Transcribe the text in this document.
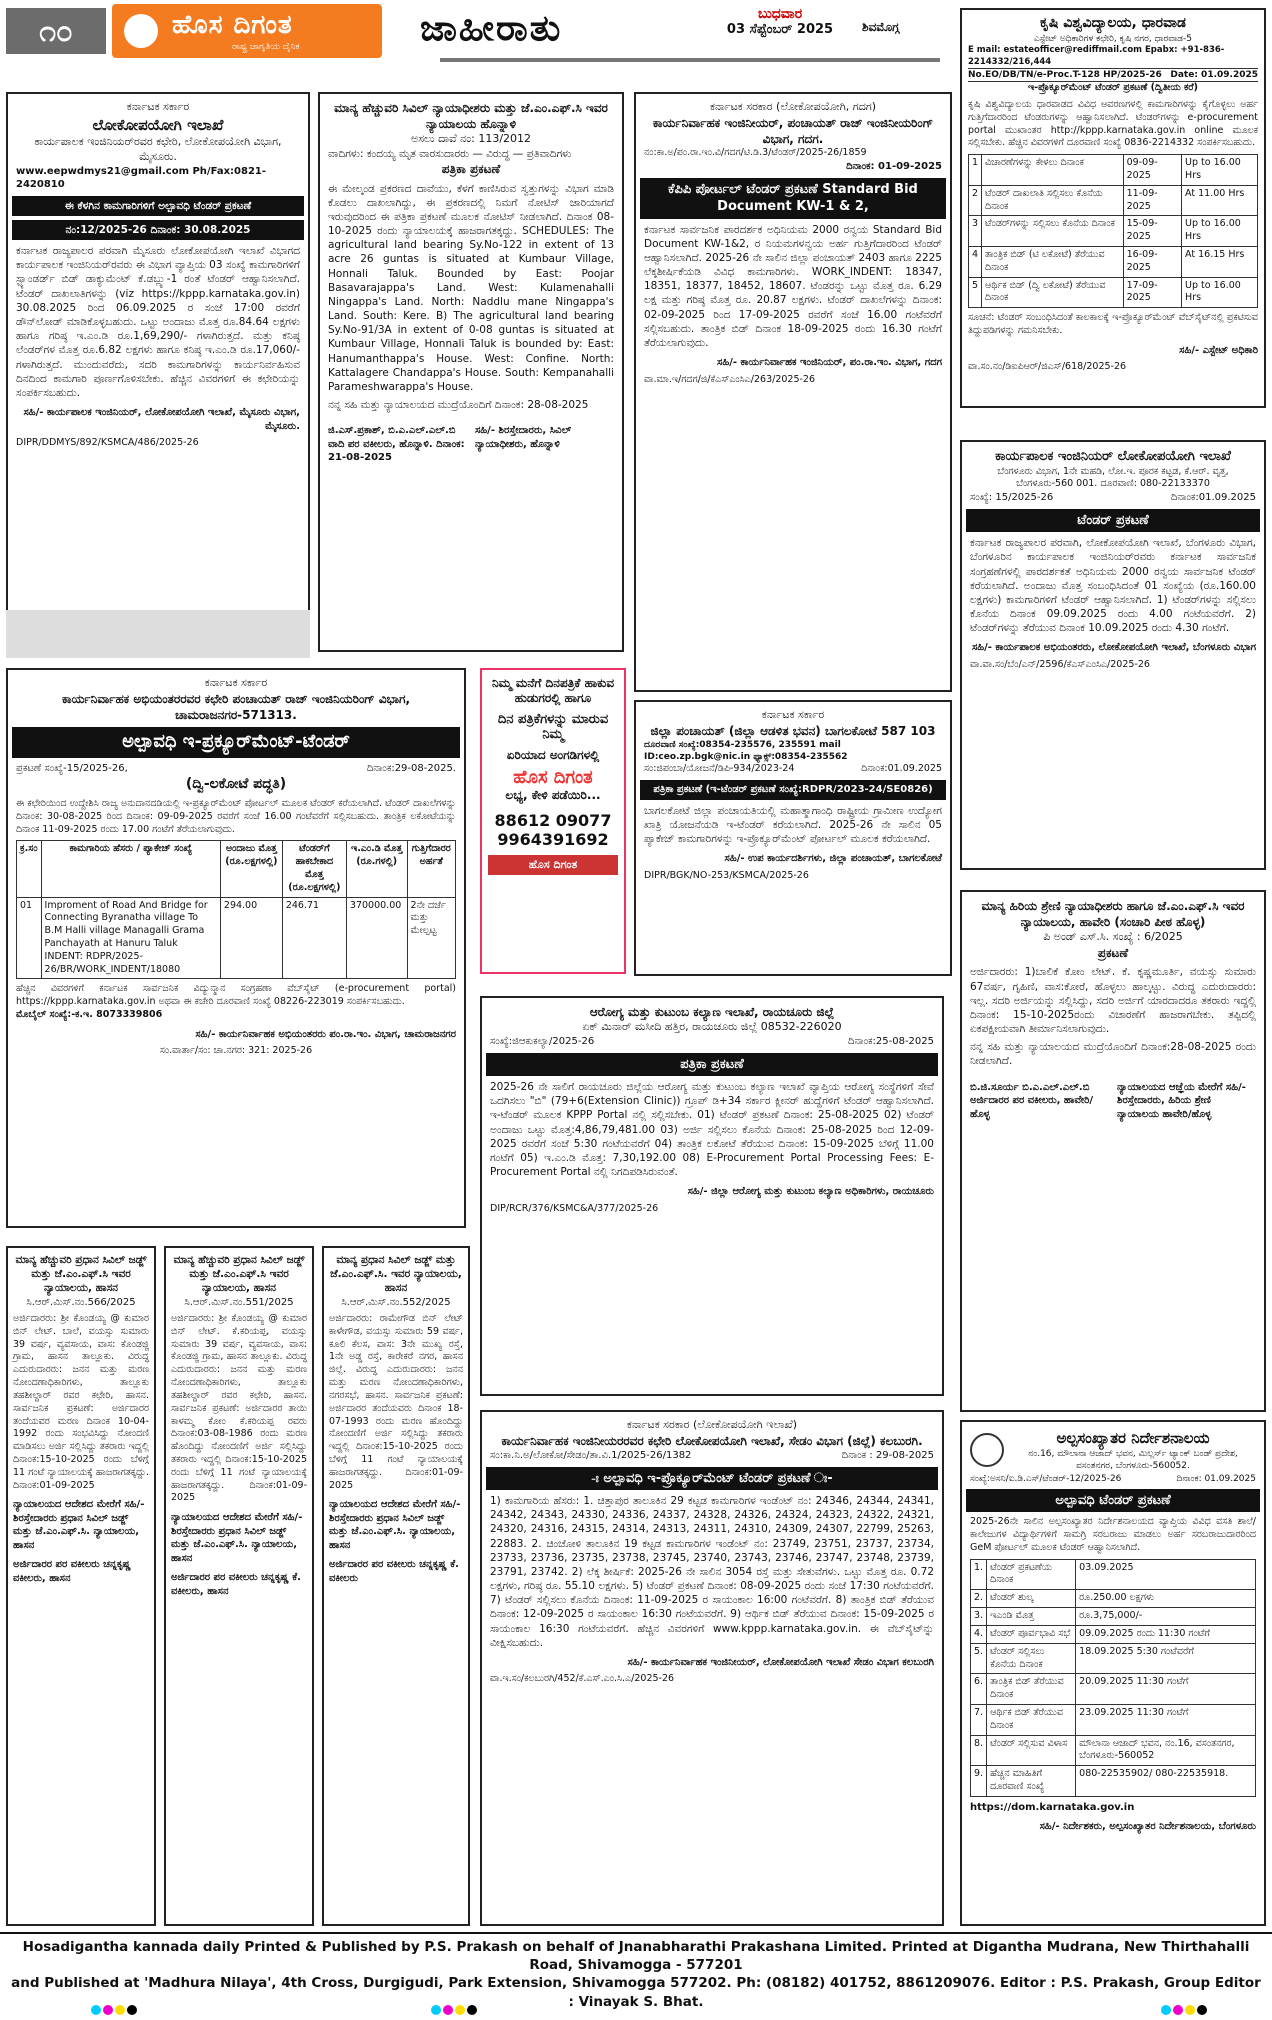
೧೦	ಹೊಸ ದಿಗಂತ
ರಾಷ್ಟ್ರ ಜಾಗೃತಿಯ ದೈನಿಕ	ಜಾಹೀರಾತು	ಬುಧವಾರ
03 ಸೆಪ್ಟೆಂಬರ್ 2025	ಶಿವಮೊಗ್ಗ	ಕೃಷಿ ವಿಶ್ವವಿದ್ಯಾಲಯ, ಧಾರವಾಡ
ಎಸ್ಟೇಟ್ ಅಧಿಕಾರಿಗಳ ಕಛೇರಿ, ಕೃಷಿ ನಗರ, ಧಾರವಾಡ-5
E mail: estateofficer@rediffmail.com Epabx: +91-836-2214332/216,444
No.EO/DB/TN/e-Proc.T-128 HP/2025-26 Date: 01.09.2025
ಇ-ಪ್ರೊಕ್ಯೂರ್‌ಮೆಂಟ್ ಟೆಂಡರ್ ಪ್ರಕಟಣೆ (ದ್ವಿತೀಯ ಕರೆ)
ಕೃಷಿ ವಿಶ್ವವಿದ್ಯಾಲಯ ಧಾರವಾಡದ ವಿವಿಧ ಆವರಣಗಳಲ್ಲಿ ಕಾಮಗಾರಿಗಳನ್ನು ಕೈಗೊಳ್ಳಲು ಅರ್ಹ ಗುತ್ತಿಗೆದಾರರಿಂದ ಟೆಂಡರುಗಳನ್ನು ಆಹ್ವಾನಿಸಲಾಗಿದೆ. ಟೆಂಡರ್‌ಗಳನ್ನು e-procurement portal ಮುಖಾಂತರ http://kppp.karnataka.gov.in online ಮೂಲಕ ಸಲ್ಲಿಸಬೇಕು. ಹೆಚ್ಚಿನ ವಿವರಗಳಿಗೆ ದೂರವಾಣಿ ಸಂಖ್ಯೆ 0836-2214332 ಸಂಪರ್ಕಿಸಬಹುದು.
1	ವಿಚಾರಣೆಗಳನ್ನು ಕೇಳಲು ದಿನಾಂಕ	09-09-2025	Up to 16.00 Hrs
2	ಟೆಂಡರ್ ದಾಖಲಾತಿ ಸಲ್ಲಿಸಲು ಕೊನೆಯ ದಿನಾಂಕ	11-09-2025	At 11.00 Hrs
3	ಟೆಂಡರ್‌ಗಳನ್ನು ಸಲ್ಲಿಸಲು ಕೊನೆಯ ದಿನಾಂಕ	15-09-2025	Up to 16.00 Hrs
4	ತಾಂತ್ರಿಕ ಬಿಡ್ (ಟಿ ಲಕೋಟೆ) ತೆರೆಯುವ ದಿನಾಂಕ	16-09-2025	At 16.15 Hrs
5	ಆರ್ಥಿಕ ಬಿಡ್ (ದ್ವಿ ಲಕೋಟೆ) ತೆರೆಯುವ ದಿನಾಂಕ	17-09-2025	Up to 16.00 Hrs
ಸೂಚನೆ: ಟೆಂಡರ್ ಸಂಬಂಧಿಸಿದಂತೆ ಕಾಲಕಾಲಕ್ಕೆ ಇ-ಪ್ರೊಕ್ಯೂರ್‌ಮೆಂಟ್ ವೆಬ್‌ಸೈಟ್‌ನಲ್ಲಿ ಪ್ರಕಟಿಸುವ ತಿದ್ದುಪಡಿಗಳನ್ನು ಗಮನಿಸಬೇಕು.
ಸಹಿ/- ಎಸ್ಟೇಟ್ ಅಧಿಕಾರಿ
ವಾ.ಸಂ.ನಂ/ಡಿಐಪಿಆರ್/ಜಿಎಸ್/618/2025-26
ಕರ್ನಾಟಕ ಸರ್ಕಾರ
ಲೋಕೋಪಯೋಗಿ ಇಲಾಖೆ
ಕಾರ್ಯಪಾಲಕ ಇಂಜಿನಿಯರ್‌ರವರ ಕಛೇರಿ, ಲೋಕೋಪಯೋಗಿ ವಿಭಾಗ, ಮೈಸೂರು.
www.eepwdmys21@gmail.com Ph/Fax:0821-2420810
ಈ ಕೆಳಗಿನ ಕಾಮಗಾರಿಗಳಿಗೆ ಅಲ್ಪಾವಧಿ ಟೆಂಡರ್ ಪ್ರಕಟಣೆ
ನಂ:12/2025-26 ದಿನಾಂಕ: 30.08.2025
ಕರ್ನಾಟಕ ರಾಜ್ಯಪಾಲರ ಪರವಾಗಿ ಮೈಸೂರು ಲೋಕೋಪಯೋಗಿ ಇಲಾಖೆ ವಿಭಾಗದ ಕಾರ್ಯಪಾಲಕ ಇಂಜಿನಿಯರ್‌ರವರು ಈ ವಿಭಾಗ ವ್ಯಾಪ್ತಿಯ 03 ಸಂಖ್ಯೆ ಕಾಮಗಾರಿಗಳಿಗೆ ಸ್ಟ್ಯಾಂಡರ್ಡ್ ಬಿಡ್ ಡಾಕ್ಯುಮೆಂಟ್ ಕೆ.ಡಬ್ಲ್ಯು-1 ರಂತೆ ಟೆಂಡರ್ ಆಹ್ವಾನಿಸಲಾಗಿದೆ. ಟೆಂಡರ್ ದಾಖಲಾತಿಗಳನ್ನು (viz https://kppp.karnataka.gov.in) 30.08.2025 ರಿಂದ 06.09.2025 ರ ಸಂಜೆ 17:00 ರವರೆಗೆ ಡೌನ್‌ಲೋಡ್ ಮಾಡಿಕೊಳ್ಳಬಹುದು. ಒಟ್ಟು ಅಂದಾಜು ಮೊತ್ತ ರೂ.84.64 ಲಕ್ಷಗಳು ಹಾಗೂ ಗರಿಷ್ಠ ಇ.ಎಂ.ಡಿ ರೂ.1,69,290/- ಗಳಾಗಿರುತ್ತದೆ. ಮತ್ತು ಕನಿಷ್ಠ ಲೆಂಡರ್‌ಗಳ ಮೊತ್ತ ರೂ.6.82 ಲಕ್ಷಗಳು ಹಾಗೂ ಕನಿಷ್ಠ ಇ.ಎಂ.ಡಿ ರೂ.17,060/- ಗಳಾಗಿರುತ್ತದೆ. ಮುಂದುವರೆದು, ಸದರಿ ಕಾಮಗಾರಿಗಳನ್ನು ಕಾರ್ಯನಿರ್ವಹಿಸುವ ದಿನದಿಂದ ಕಾಮಗಾರಿ ಪೂರ್ಣಗೊಳಿಸಬೇಕು. ಹೆಚ್ಚಿನ ವಿವರಗಳಿಗೆ ಈ ಕಛೇರಿಯನ್ನು ಸಂಪರ್ಕಿಸಬಹುದು.
ಸಹಿ/- ಕಾರ್ಯಪಾಲಕ ಇಂಜಿನಿಯರ್, ಲೋಕೋಪಯೋಗಿ ಇಲಾಖೆ, ಮೈಸೂರು ವಿಭಾಗ, ಮೈಸೂರು.
DIPR/DDMYS/892/KSMCA/486/2025-26
ಮಾನ್ಯ ಹೆಚ್ಚುವರಿ ಸಿವಿಲ್ ನ್ಯಾಯಾಧೀಶರು ಮತ್ತು ಜೆ.ಎಂ.ಎಫ್.ಸಿ ಇವರ ನ್ಯಾಯಾಲಯ ಹೊನ್ನಾಳಿ
ಅಸಲು ದಾವೆ ನಂ: 113/2012
ವಾದಿಗಳು: ಕಂದಯ್ಯ ಮೃತ ವಾರಸುದಾರರು — ವಿರುದ್ಧ — ಪ್ರತಿವಾದಿಗಳು
ಪತ್ರಿಕಾ ಪ್ರಕಟಣೆ
ಈ ಮೇಲ್ಕಂಡ ಪ್ರಕರಣದ ದಾವೆಯು, ಕೆಳಗೆ ಕಾಣಿಸಿರುವ ಸ್ವತ್ತುಗಳನ್ನು ವಿಭಾಗ ಮಾಡಿ ಕೊಡಲು ದಾಖಲಾಗಿದ್ದು, ಈ ಪ್ರಕರಣದಲ್ಲಿ ನಿಮಗೆ ನೋಟಿಸ್ ಜಾರಿಯಾಗದೆ ಇರುವುದರಿಂದ ಈ ಪತ್ರಿಕಾ ಪ್ರಕಟಣೆ ಮೂಲಕ ನೋಟಿಸ್ ನೀಡಲಾಗಿದೆ. ದಿನಾಂಕ 08-10-2025 ರಂದು ನ್ಯಾಯಾಲಯಕ್ಕೆ ಹಾಜರಾಗತಕ್ಕದ್ದು. SCHEDULES: The agricultural land bearing Sy.No-122 in extent of 13 acre 26 guntas is situated at Kumbaur Village, Honnali Taluk. Bounded by East: Poojar Basavarajappa's Land. West: Kulamenahalli Ningappa's Land. North: Naddlu mane Ningappa's Land. South: Kere. B) The agricultural land bearing Sy.No-91/3A in extent of 0-08 guntas is situated at Kumbaur Village, Honnali Taluk is bounded by: East: Hanumanthappa's House. West: Confine. North: Kattalagere Chandappa's House. South: Kempanahalli Parameshwarappa's House.
ನನ್ನ ಸಹಿ ಮತ್ತು ನ್ಯಾಯಾಲಯದ ಮುದ್ರೆಯೊಂದಿಗೆ ದಿನಾಂಕ: 28-08-2025
ಜಿ.ಎಸ್.ಪ್ರಕಾಶ್, ಬಿ.ಎ.ಎಲ್.ಎಲ್.ಬಿ ವಾದಿ ಪರ ವಕೀಲರು, ಹೊನ್ನಾಳಿ. ದಿನಾಂಕ: 21-08-2025
ಸಹಿ/- ಶಿರಸ್ತೇದಾರರು, ಸಿವಿಲ್ ನ್ಯಾಯಾಧೀಶರು, ಹೊನ್ನಾಳಿ
ಕರ್ನಾಟಕ ಸರಕಾರ (ಲೋಕೋಪಯೋಗಿ, ಗದಗ)
ಕಾರ್ಯನಿರ್ವಾಹಕ ಇಂಜಿನೀಯರ್, ಪಂಚಾಯತ್ ರಾಜ್ ಇಂಜಿನೀಯರಿಂಗ್ ವಿಭಾಗ, ಗದಗ.
ನಂ:ಕಾ.ಅ/ಪಂ.ರಾ.ಇಂ.ವಿ/ಗದಗ/ಟಿ.ಡಿ.3/ಟೆಂಡರ್/2025-26/1859
ದಿನಾಂಕ: 01-09-2025
ಕೆಪಿಪಿ ಪೋರ್ಟಲ್ ಟೆಂಡರ್ ಪ್ರಕಟಣೆ Standard Bid Document KW-1 & 2,
ಕರ್ನಾಟಕ ಸಾರ್ವಜನಿಕ ಪಾರದರ್ಶಕ ಅಧಿನಿಯಮ 2000 ರನ್ವಯ Standard Bid Document KW-1&2, ರ ನಿಯಮಗಳನ್ವಯ ಅರ್ಹ ಗುತ್ತಿಗೆದಾರರಿಂದ ಟೆಂಡರ್ ಆಹ್ವಾನಿಸಲಾಗಿದೆ. 2025-26 ನೇ ಸಾಲಿನ ಜಿಲ್ಲಾ ಪಂಚಾಯತ್ 2403 ಹಾಗೂ 2225 ಲೆಕ್ಕಶೀರ್ಷಿಕೆಯಡಿ ವಿವಿಧ ಕಾಮಗಾರಿಗಳು. WORK_INDENT: 18347, 18351, 18377, 18452, 18607. ಟೆಂಡರನ್ನು ಒಟ್ಟು ಮೊತ್ತ ರೂ. 6.29 ಲಕ್ಷ ಮತ್ತು ಗರಿಷ್ಠ ಮೊತ್ತ ರೂ. 20.87 ಲಕ್ಷಗಳು. ಟೆಂಡರ್ ದಾಖಲೆಗಳನ್ನು ದಿನಾಂಕ: 02-09-2025 ರಿಂದ 17-09-2025 ರವರೆಗೆ ಸಂಜೆ 16.00 ಗಂಟೆವರೆಗೆ ಸಲ್ಲಿಸಬಹುದು. ತಾಂತ್ರಿಕ ಬಿಡ್ ದಿನಾಂಕ 18-09-2025 ರಂದು 16.30 ಗಂಟೆಗೆ ತೆರೆಯಲಾಗುವುದು.
ಸಹಿ/- ಕಾರ್ಯನಿರ್ವಾಹಕ ಇಂಜಿನಿಯರ್, ಪಂ.ರಾ.ಇಂ. ವಿಭಾಗ, ಗದಗ
ವಾ.ಮಾ.ಇ/ಗದಗ/ಜಿ/ಕೆಎಸ್‌ಎಂಸಿಎ/263/2025-26
ಕಾರ್ಯಪಾಲಕ ಇಂಜಿನಿಯರ್ ಲೋಕೋಪಯೋಗಿ ಇಲಾಖೆ
ಬೆಂಗಳೂರು ವಿಭಾಗ, 1ನೇ ಮಹಡಿ, ಲೋ.ಇ. ಪೂರಕ ಕಟ್ಟಡ, ಕೆ.ಆರ್. ವೃತ್ತ, ಬೆಂಗಳೂರು-560 001. ದೂರವಾಣಿ: 080-22133370
ಸಂಖ್ಯೆ: 15/2025-26	ದಿನಾಂಕ:01.09.2025
ಟೆಂಡರ್ ಪ್ರಕಟಣೆ
ಕರ್ನಾಟಕ ರಾಜ್ಯಪಾಲರ ಪರವಾಗಿ, ಲೋಕೋಪಯೋಗಿ ಇಲಾಖೆ, ಬೆಂಗಳೂರು ವಿಭಾಗ, ಬೆಂಗಳೂರಿನ ಕಾರ್ಯಪಾಲಕ ಇಂಜಿನಿಯರ್‌ರವರು ಕರ್ನಾಟಕ ಸಾರ್ವಜನಿಕ ಸಂಗ್ರಹಣೆಗಳಲ್ಲಿ ಪಾರದರ್ಶಕತೆ ಅಧಿನಿಯಮ 2000 ರನ್ವಯ ಸಾರ್ವಜನಿಕ ಟೆಂಡರ್ ಕರೆಯಲಾಗಿದೆ. ಅಂದಾಜು ಮೊತ್ತ ಸಂಬಂಧಿಸಿದಂತೆ 01 ಸಂಖ್ಯೆಯ (ರೂ.160.00 ಲಕ್ಷಗಳು) ಕಾಮಗಾರಿಗಳಿಗೆ ಟೆಂಡರ್ ಆಹ್ವಾನಿಸಲಾಗಿದೆ. 1) ಟೆಂಡರ್‌ಗಳನ್ನು ಸಲ್ಲಿಸಲು ಕೊನೆಯ ದಿನಾಂಕ 09.09.2025 ರಂದು 4.00 ಗಂಟೆಯವರೆಗೆ. 2) ಟೆಂಡರ್‌ಗಳನ್ನು ತೆರೆಯುವ ದಿನಾಂಕ 10.09.2025 ರಂದು 4.30 ಗಂಟೆಗೆ.
ಸಹಿ/- ಕಾರ್ಯಪಾಲಕ ಅಭಿಯಂತರರು, ಲೋಕೋಪಯೋಗಿ ಇಲಾಖೆ, ಬೆಂಗಳೂರು ವಿಭಾಗ
ವಾ.ವಾ.ಸಂ/ಬೆಂ/ಎನ್/2596/ಕೆಎಸ್‌ಎಂಸಿಎ/2025-26
ಕರ್ನಾಟಕ ಸರ್ಕಾರ
ಕಾರ್ಯನಿರ್ವಾಹಕ ಅಭಿಯಂತರರವರ ಕಛೇರಿ ಪಂಚಾಯತ್ ರಾಜ್ ಇಂಜಿನಿಯರಿಂಗ್ ವಿಭಾಗ, ಚಾಮರಾಜನಗರ-571313.
ಅಲ್ಪಾವಧಿ ಇ-ಪ್ರಕ್ಯೂರ್‌ಮೆಂಟ್-ಟೆಂಡರ್
ಪ್ರಕಟಣೆ ಸಂಖ್ಯೆ-15/2025-26,	ದಿನಾಂಕ:29-08-2025.
(ದ್ವಿ-ಲಕೋಟೆ ಪದ್ಧತಿ)
ಈ ಕಛೇರಿಯಿಂದ ಉದ್ದೇಶಿಸಿ ರಾಜ್ಯ ಅನುದಾನದಡಿಯಲ್ಲಿ ಇ-ಪ್ರಕ್ಯೂರ್‌ಮೆಂಟ್ ಪೋರ್ಟಲ್ ಮೂಲಕ ಟೆಂಡರ್ ಕರೆಯಲಾಗಿದೆ. ಟೆಂಡರ್ ದಾಖಲೆಗಳನ್ನು ದಿನಾಂಕ: 30-08-2025 ರಿಂದ ದಿನಾಂಕ: 09-09-2025 ರವರೆಗೆ ಸಂಜೆ 16.00 ಗಂಟೆವರೆಗೆ ಸಲ್ಲಿಸಬಹುದು. ತಾಂತ್ರಿಕ ಲಕೋಟೆಯನ್ನು ದಿನಾಂಕ 11-09-2025 ರಂದು 17.00 ಗಂಟೆಗೆ ತೆರೆಯಲಾಗುವುದು.
ಕ್ರ.ಸಂ	ಕಾಮಗಾರಿಯ ಹೆಸರು / ಪ್ಯಾಕೇಜ್ ಸಂಖ್ಯೆ	ಅಂದಾಜು ಮೊತ್ತ (ರೂ.ಲಕ್ಷಗಳಲ್ಲಿ)	ಟೆಂಡರ್‌ಗೆ ಹಾಕಬೇಕಾದ ಮೊತ್ತ (ರೂ.ಲಕ್ಷಗಳಲ್ಲಿ)	ಇ.ಎಂ.ಡಿ ಮೊತ್ತ (ರೂ.ಗಳಲ್ಲಿ)	ಗುತ್ತಿಗೆದಾರರ ಅರ್ಹತೆ
01	Improment of Road And Bridge for Connecting Byranatha village To B.M Halli village Managalli Grama Panchayath at Hanuru Taluk INDENT: RDPR/2025-26/BR/WORK_INDENT/18080	294.00	246.71	370000.00	2ನೇ ದರ್ಜೆ ಮತ್ತು ಮೇಲ್ಪಟ್ಟ
ಹೆಚ್ಚಿನ ವಿವರಗಳಿಗೆ ಕರ್ನಾಟಕ ಸಾರ್ವಜನಿಕ ವಿದ್ಯುನ್ಮಾನ ಸಂಗ್ರಹಣಾ ವೆಬ್‌ಸೈಟ್ (e-procurement portal) https://kppp.karnataka.gov.in ಅಥವಾ ಈ ಕಚೇರಿ ದೂರವಾಣಿ ಸಂಖ್ಯೆ 08226-223019 ಸಂಪರ್ಕಿಸಬಹುದು.
ಮೊಬೈಲ್ ಸಂಖ್ಯೆ:-ಕ.ಇ. 8073339806
ಸಹಿ/- ಕಾರ್ಯನಿರ್ವಾಹಕ ಅಭಿಯಂತರರು ಪಂ.ರಾ.ಇಂ. ವಿಭಾಗ, ಚಾಮರಾಜನಗರ
ಸಂ.ವಾರ್ತಾ/ಸಂ: ಚಾ.ನಗರ: 321: 2025-26
ನಿಮ್ಮ ಮನೆಗೆ ದಿನಪತ್ರಿಕೆ ಹಾಕುವ ಹುಡುಗರಲ್ಲಿ ಹಾಗೂ
ದಿನ ಪತ್ರಿಕೆಗಳನ್ನು ಮಾರುವ ನಿಮ್ಮ
ಏರಿಯಾದ ಅಂಗಡಿಗಳಲ್ಲಿ
ಹೊಸ ದಿಗಂತ
ಲಭ್ಯ, ಕೇಳಿ ಪಡೆಯಿರಿ...
88612 09077
9964391692
ಹೊಸ ದಿಗಂತ
ಕರ್ನಾಟಕ ಸರ್ಕಾರ
ಜಿಲ್ಲಾ ಪಂಚಾಯತ್ (ಜಿಲ್ಲಾ ಆಡಳಿತ ಭವನ) ಬಾಗಲಕೋಟೆ 587 103
ದೂರವಾಣಿ ಸಂಖ್ಯೆ:08354-235576, 235591 mail ID:ceo.zp.bgk@nic.in ಫ್ಯಾಕ್ಸ್:08354-235562
ಸಂ:ಜಿಪಂಬಾ/ಯೋಜನೆ/ಡಿಪಿ-934/2023-24	ದಿನಾಂಕ:01.09.2025
ಪತ್ರಿಕಾ ಪ್ರಕಟಣೆ (ಇ-ಟೆಂಡರ್ ಪ್ರಕಟಣೆ ಸಂಖ್ಯೆ:RDPR/2023-24/SE0826)
ಬಾಗಲಕೋಟೆ ಜಿಲ್ಲಾ ಪಂಚಾಯತಿಯಲ್ಲಿ ಮಹಾತ್ಮಾಗಾಂಧಿ ರಾಷ್ಟ್ರೀಯ ಗ್ರಾಮೀಣ ಉದ್ಯೋಗ ಖಾತ್ರಿ ಯೋಜನೆಯಡಿ ಇ-ಟೆಂಡರ್ ಕರೆಯಲಾಗಿದೆ. 2025-26 ನೇ ಸಾಲಿನ 05 ಪ್ಯಾಕೇಜ್ ಕಾಮಗಾರಿಗಳನ್ನು ಇ-ಪ್ರೊಕ್ಯೂರ್‌ಮೆಂಟ್ ಪೋರ್ಟಲ್ ಮೂಲಕ ಕರೆಯಲಾಗಿದೆ.
ಸಹಿ/- ಉಪ ಕಾರ್ಯದರ್ಶಿಗಳು, ಜಿಲ್ಲಾ ಪಂಚಾಯತ್, ಬಾಗಲಕೋಟೆ
DIPR/BGK/NO-253/KSMCA/2025-26
ಮಾನ್ಯ ಹಿರಿಯ ಶ್ರೇಣಿ ನ್ಯಾಯಾಧೀಶರು ಹಾಗೂ ಜೆ.ಎಂ.ಎಫ್.ಸಿ ಇವರ ನ್ಯಾಯಾಲಯ, ಹಾವೇರಿ (ಸಂಚಾರಿ ಪೀಠ ಹೊಳ್ಳ)
ಪಿ ಅಂಡ್ ಎಸ್.ಸಿ. ಸಂಖ್ಯೆ : 6/2025
ಪ್ರಕಟಣೆ
ಅರ್ಜಿದಾರರು: 1)ಬಾಲಿಕೆ ಕೋಂ ಲೇಟ್. ಕೆ. ಕೃಷ್ಣಮೂರ್ತಿ, ವಯಸ್ಸು ಸುಮಾರು 67ವರ್ಷ, ಗೃಹಿಣಿ, ವಾಸ:ಕೋರೆ, ಹೊಳ್ಳಲು ಹಾಲ್ಕಟ್ಟು. ವಿರುದ್ಧ ಎದುರುದಾರರು: ಇಲ್ಲ. ಸದರಿ ಅರ್ಜಿಯನ್ನು ಸಲ್ಲಿಸಿದ್ದು, ಸದರಿ ಅರ್ಜಿಗೆ ಯಾರದಾದರೂ ತಕರಾರು ಇದ್ದಲ್ಲಿ ದಿನಾಂಕ: 15-10-2025ರಂದು ವಿಚಾರಣೆಗೆ ಹಾಜರಾಗಬೇಕು. ತಪ್ಪಿದಲ್ಲಿ ಏಕಪಕ್ಷೀಯವಾಗಿ ತೀರ್ಮಾನಿಸಲಾಗುವುದು.
ನನ್ನ ಸಹಿ ಮತ್ತು ನ್ಯಾಯಾಲಯದ ಮುದ್ರೆಯೊಂದಿಗೆ ದಿನಾಂಕ:28-08-2025 ರಂದು ನೀಡಲಾಗಿದೆ.
ಬಿ.ಜಿ.ಸೂರ್ಯ ಬಿ.ಎ.ಎಲ್.ಎಲ್.ಬಿ ಅರ್ಜಿದಾರರ ಪರ ವಕೀಲರು, ಹಾವೇರಿ/ಹೊಳ್ಳ
ನ್ಯಾಯಾಲಯದ ಆಜ್ಞೆಯ ಮೇರೆಗೆ ಸಹಿ/- ಶಿರಸ್ತೇದಾರರು, ಹಿರಿಯ ಶ್ರೇಣಿ ನ್ಯಾಯಾಲಯ ಹಾವೇರಿ/ಹೊಳ್ಳ
ಆರೋಗ್ಯ ಮತ್ತು ಕುಟುಂಬ ಕಲ್ಯಾಣ ಇಲಾಖೆ, ರಾಯಚೂರು ಜಿಲ್ಲೆ
ಏಕ್ ಮಿನಾರ್ ಮಸೀದಿ ಹತ್ತಿರ, ರಾಯಚೂರು ಜಿಲ್ಲೆ 08532-226020
ಸಂಖ್ಯೆ:ಜಿಆಕುಕಲ್ಯಾ/2025-26	ದಿನಾಂಕ:25-08-2025
ಪತ್ರಿಕಾ ಪ್ರಕಟಣೆ
2025-26 ನೇ ಸಾಲಿಗೆ ರಾಯಚೂರು ಜಿಲ್ಲೆಯ ಆರೋಗ್ಯ ಮತ್ತು ಕುಟುಂಬ ಕಲ್ಯಾಣ ಇಲಾಖೆ ವ್ಯಾಪ್ತಿಯ ಆರೋಗ್ಯ ಸಂಸ್ಥೆಗಳಿಗೆ ಸೇವೆ ಒದಗಿಸಲು "ಬಿ" (79+6(Extension Clinic)) ಗ್ರೂಪ್ ಡಿ+34 ಸರ್ಕಾರ ಕ್ಲೀನರ್ ಹುದ್ದೆಗಳಿಗೆ ಟೆಂಡರ್ ಆಹ್ವಾನಿಸಲಾಗಿದೆ. ಇ-ಟೆಂಡರ್ ಮೂಲಕ KPPP Portal ನಲ್ಲಿ ಸಲ್ಲಿಸಬೇಕು. 01) ಟೆಂಡರ್ ಪ್ರಕಟಣೆ ದಿನಾಂಕ: 25-08-2025 02) ಟೆಂಡರ್ ಅಂದಾಜು ಒಟ್ಟು ಮೊತ್ತ:4,86,79,481.00 03) ಅರ್ಜಿ ಸಲ್ಲಿಸಲು ಕೊನೆಯ ದಿನಾಂಕ: 25-08-2025 ರಿಂದ 12-09-2025 ರವರೆಗೆ ಸಂಜೆ 5:30 ಗಂಟೆಯವರೆಗೆ 04) ತಾಂತ್ರಿಕ ಲಕೋಟೆ ತೆರೆಯುವ ದಿನಾಂಕ: 15-09-2025 ಬೆಳಿಗ್ಗೆ 11.00 ಗಂಟೆಗೆ 05) ಇ.ಎಂ.ಡಿ ಮೊತ್ತ: 7,30,192.00 08) E-Procurement Portal Processing Fees: E-Procurement Portal ನಲ್ಲಿ ನಿಗದಿಪಡಿಸಿರುವಂತೆ.
ಸಹಿ/- ಜಿಲ್ಲಾ ಆರೋಗ್ಯ ಮತ್ತು ಕುಟುಂಬ ಕಲ್ಯಾಣ ಅಧಿಕಾರಿಗಳು, ರಾಯಚೂರು
DIP/RCR/376/KSMC&A/377/2025-26
ಮಾನ್ಯ ಹೆಚ್ಚುವರಿ ಪ್ರಧಾನ ಸಿವಿಲ್ ಜಡ್ಜ್ ಮತ್ತು ಜೆ.ಎಂ.ಎಫ್.ಸಿ ಇವರ ನ್ಯಾಯಾಲಯ, ಹಾಸನ
ಸಿ.ಆರ್.ಮಿಸ್.ನಂ.566/2025
ಅರ್ಜಿದಾರರು: ಶ್ರೀ ಕೊಂಡಯ್ಯ @ ಕುಮಾರ ಬಿನ್ ಲೇಟ್. ಬಾಲೆ, ವಯಸ್ಸು ಸುಮಾರು 39 ವರ್ಷ, ವ್ಯವಸಾಯ, ವಾಸ: ಕೊಂಡಜ್ಜಿ ಗ್ರಾಮ, ಹಾಸನ ತಾಲ್ಲೂಕು. ವಿರುದ್ಧ ಎದುರುದಾರರು: ಜನನ ಮತ್ತು ಮರಣ ನೋಂದಣಾಧಿಕಾರಿಗಳು, ತಾಲ್ಲೂಕು ತಹಶೀಲ್ದಾರ್ ರವರ ಕಛೇರಿ, ಹಾಸನ. ಸಾರ್ವಜನಿಕ ಪ್ರಕಟಣೆ: ಅರ್ಜಿದಾರರ ತಂದೆಯವರ ಮರಣ ದಿನಾಂಕ 10-04-1992 ರಂದು ಸಂಭವಿಸಿದ್ದು ನೋಂದಣಿ ಮಾಡಿಸಲು ಅರ್ಜಿ ಸಲ್ಲಿಸಿದ್ದು ತಕರಾರು ಇದ್ದಲ್ಲಿ ದಿನಾಂಕ:15-10-2025 ರಂದು ಬೆಳಿಗ್ಗೆ 11 ಗಂಟೆ ನ್ಯಾಯಾಲಯಕ್ಕೆ ಹಾಜರಾಗತಕ್ಕದ್ದು. ದಿನಾಂಕ:01-09-2025
ನ್ಯಾಯಾಲಯದ ಆದೇಶದ ಮೇರೆಗೆ ಸಹಿ/- ಶಿರಸ್ತೇದಾರರು ಪ್ರಧಾನ ಸಿವಿಲ್ ಜಡ್ಜ್ ಮತ್ತು ಜೆ.ಎಂ.ಎಫ್.ಸಿ. ನ್ಯಾಯಾಲಯ, ಹಾಸನ
ಅರ್ಜಿದಾರರ ಪರ ವಕೀಲರು ಚನ್ನಕೃಷ್ಣ ವಕೀಲರು, ಹಾಸನ
ಮಾನ್ಯ ಹೆಚ್ಚುವರಿ ಪ್ರಧಾನ ಸಿವಿಲ್ ಜಡ್ಜ್ ಮತ್ತು ಜೆ.ಎಂ.ಎಫ್.ಸಿ ಇವರ ನ್ಯಾಯಾಲಯ, ಹಾಸನ
ಸಿ.ಆರ್.ಮಿಸ್.ನಂ.551/2025
ಅರ್ಜಿದಾರರು: ಶ್ರೀ ಕೊಂಡಯ್ಯ @ ಕುಮಾರ ಬಿನ್ ಲೇಟ್. ಕೆ.ಕರಿಯಪ್ಪ, ವಯಸ್ಸು ಸುಮಾರು 39 ವರ್ಷ, ವ್ಯವಸಾಯ, ವಾಸ: ಕೊಂಡಜ್ಜಿ ಗ್ರಾಮ, ಹಾಸನ ತಾಲ್ಲೂಕು. ವಿರುದ್ಧ ಎದುರುದಾರರು: ಜನನ ಮತ್ತು ಮರಣ ನೋಂದಣಾಧಿಕಾರಿಗಳು, ತಾಲ್ಲೂಕು ತಹಶೀಲ್ದಾರ್ ರವರ ಕಛೇರಿ, ಹಾಸನ. ಸಾರ್ವಜನಿಕ ಪ್ರಕಟಣೆ: ಅರ್ಜಿದಾರರ ತಾಯಿ ಕಾಳಮ್ಮ ಕೋಂ ಕೆ.ಕರಿಯಪ್ಪ ರವರು ದಿನಾಂಕ:03-08-1986 ರಂದು ಮರಣ ಹೊಂದಿದ್ದು ನೋಂದಣಿಗೆ ಅರ್ಜಿ ಸಲ್ಲಿಸಿದ್ದು ತಕರಾರು ಇದ್ದಲ್ಲಿ ದಿನಾಂಕ:15-10-2025 ರಂದು ಬೆಳಿಗ್ಗೆ 11 ಗಂಟೆ ನ್ಯಾಯಾಲಯಕ್ಕೆ ಹಾಜರಾಗತಕ್ಕದ್ದು. ದಿನಾಂಕ:01-09-2025
ನ್ಯಾಯಾಲಯದ ಆದೇಶದ ಮೇರೆಗೆ ಸಹಿ/- ಶಿರಸ್ತೇದಾರರು ಪ್ರಧಾನ ಸಿವಿಲ್ ಜಡ್ಜ್ ಮತ್ತು ಜೆ.ಎಂ.ಎಫ್.ಸಿ. ನ್ಯಾಯಾಲಯ, ಹಾಸನ
ಅರ್ಜಿದಾರರ ಪರ ವಕೀಲರು ಚನ್ನಕೃಷ್ಣ ಕೆ. ವಕೀಲರು, ಹಾಸನ
ಮಾನ್ಯ ಪ್ರಧಾನ ಸಿವಿಲ್ ಜಡ್ಜ್ ಮತ್ತು ಜೆ.ಎಂ.ಎಫ್.ಸಿ. ಇವರ ನ್ಯಾಯಾಲಯ, ಹಾಸನ
ಸಿ.ಆರ್.ಮಿಸ್.ನಂ.552/2025
ಅರ್ಜಿದಾರರು: ರಾಮೇಗೌಡ ಬಿನ್ ಲೇಟ್ ಕಾಳೇಗೌಡ, ವಯಸ್ಸು ಸುಮಾರು 59 ವರ್ಷ, ಕೂಲಿ ಕೆಲಸ, ವಾಸ: 3ನೇ ಮುಖ್ಯ ರಸ್ತೆ, 1ನೇ ಅಡ್ಡ ರಸ್ತೆ, ಕಾರೇಕರೆ ನಗರ, ಹಾಸನ ಜಿಲ್ಲೆ. ವಿರುದ್ಧ ಎದುರುದಾರರು: ಜನನ ಮತ್ತು ಮರಣ ನೋಂದಣಾಧಿಕಾರಿಗಳು, ನಗರಸಭೆ, ಹಾಸನ. ಸಾರ್ವಜನಿಕ ಪ್ರಕಟಣೆ: ಅರ್ಜಿದಾರರ ತಂದೆಯವರು ದಿನಾಂಕ 18-07-1993 ರಂದು ಮರಣ ಹೊಂದಿದ್ದು ನೋಂದಣಿಗೆ ಅರ್ಜಿ ಸಲ್ಲಿಸಿದ್ದು ತಕರಾರು ಇದ್ದಲ್ಲಿ ದಿನಾಂಕ:15-10-2025 ರಂದು ಬೆಳಿಗ್ಗೆ 11 ಗಂಟೆ ನ್ಯಾಯಾಲಯಕ್ಕೆ ಹಾಜರಾಗತಕ್ಕದ್ದು. ದಿನಾಂಕ:01-09-2025
ನ್ಯಾಯಾಲಯದ ಆದೇಶದ ಮೇರೆಗೆ ಸಹಿ/- ಶಿರಸ್ತೇದಾರರು ಪ್ರಧಾನ ಸಿವಿಲ್ ಜಡ್ಜ್ ಮತ್ತು ಜೆ.ಎಂ.ಎಫ್.ಸಿ. ನ್ಯಾಯಾಲಯ, ಹಾಸನ
ಅರ್ಜಿದಾರರ ಪರ ವಕೀಲರು ಚನ್ನಕೃಷ್ಣ ಕೆ. ವಕೀಲರು
ಕರ್ನಾಟಕ ಸರಕಾರ (ಲೋಕೋಪಯೋಗಿ ಇಲಾಖೆ)
ಕಾರ್ಯನಿರ್ವಾಹಕ ಇಂಜಿನೀಯರರವರ ಕಛೇರಿ ಲೋಕೋಪಯೋಗಿ ಇಲಾಖೆ, ಸೇಡಂ ವಿಭಾಗ (ಜಿಲ್ಲೆ) ಕಲಬುರಗಿ.
ಸಂ:ಕಾ.ನಿ.ಅ/ಲೋಕೋ/ಸೇಡಂ/ತಾ.ವಿ.1/2025-26/1382	ದಿನಾಂಕ : 29-08-2025
-ಃ ಅಲ್ಪಾವಧಿ ಇ-ಪ್ರೊಕ್ಯೂರ್‌ಮೆಂಟ್ ಟೆಂಡರ್ ಪ್ರಕಟಣೆ ಃ-
1) ಕಾಮಗಾರಿಯ ಹೆಸರು: 1. ಚಿತ್ತಾಪುರ ತಾಲೂಕಿನ 29 ಕಟ್ಟಡ ಕಾಮಗಾರಿಗಳ ಇಂಡೆಂಟ್ ನಂ: 24346, 24344, 24341, 24342, 24343, 24330, 24336, 24337, 24328, 24326, 24324, 24323, 24322, 24321, 24320, 24316, 24315, 24314, 24313, 24311, 24310, 24309, 24307, 22799, 25263, 22883. 2. ಚಿಂಚೋಳಿ ತಾಲೂಕಿನ 19 ಕಟ್ಟಡ ಕಾಮಗಾರಿಗಳ ಇಂಡೆಂಟ್ ನಂ: 23749, 23751, 23737, 23734, 23733, 23736, 23735, 23738, 23745, 23740, 23743, 23746, 23747, 23748, 23739, 23791, 23742. 2) ಲೆಕ್ಕ ಶೀರ್ಷಿಕೆ: 2025-26 ನೇ ಸಾಲಿನ 3054 ರಸ್ತೆ ಮತ್ತು ಸೇತುವೆಗಳು. ಒಟ್ಟು ಮೊತ್ತ ರೂ. 0.72 ಲಕ್ಷಗಳು, ಗರಿಷ್ಠ ರೂ. 55.10 ಲಕ್ಷಗಳು. 5) ಟೆಂಡರ್ ಪ್ರಕಟಣೆ ದಿನಾಂಕ: 08-09-2025 ರಂದು ಸಂಜೆ 17:30 ಗಂಟೆಯವರೆಗೆ. 7) ಟೆಂಡರ್ ಸಲ್ಲಿಸಲು ಕೊನೆಯ ದಿನಾಂಕ: 11-09-2025 ರ ಸಾಯಂಕಾಲ 16:00 ಗಂಟೆವರೆಗೆ. 8) ತಾಂತ್ರಿಕ ಬಿಡ್ ತೆರೆಯುವ ದಿನಾಂಕ: 12-09-2025 ರ ಸಾಯಂಕಾಲ 16:30 ಗಂಟೆಯವರೆಗೆ. 9) ಆರ್ಥಿಕ ಬಿಡ್ ತೆರೆಯುವ ದಿನಾಂಕ: 15-09-2025 ರ ಸಾಯಂಕಾಲ 16:30 ಗಂಟೆಯವರೆಗೆ. ಹೆಚ್ಚಿನ ವಿವರಗಳಿಗೆ www.kppp.karnataka.gov.in. ಈ ವೆಬ್‌ಸೈಟ್‌ನ್ನು ವೀಕ್ಷಿಸಬಹುದು.
ಸಹಿ/- ಕಾರ್ಯನಿರ್ವಾಹಕ ಇಂಜಿನೀಯರ್, ಲೋಕೋಪಯೋಗಿ ಇಲಾಖೆ ಸೇಡಂ ವಿಭಾಗ ಕಲಬುರಗಿ
ವಾ.ಇ.ಸಂ/ಕಲಬುರಗಿ/452/ಕೆ.ಎಸ್.ಎಂ.ಸಿ.ಎ/2025-26
ಅಲ್ಪಸಂಖ್ಯಾತರ ನಿರ್ದೇಶನಾಲಯ
ನಂ.16, ಮೌಲಾನಾ ಆಜಾದ್ ಭವನ, ಮಿಲ್ಲರ್ಸ್ ಟ್ಯಾಂಕ್ ಬಂಡ್ ಪ್ರದೇಶ, ವಸಂತನಗರ, ಬೆಂಗಳೂರು-560052.
ಸಂಖ್ಯೆ:ಅಸನಿ/ಐ.ಡಿ.ಎಸ್/ಟೆಂಡರ್-12/2025-26	ದಿನಾಂಕ: 01.09.2025
ಅಲ್ಪಾವಧಿ ಟೆಂಡರ್ ಪ್ರಕಟಣೆ
2025-26ನೇ ಸಾಲಿನ ಅಲ್ಪಸಂಖ್ಯಾತರ ನಿರ್ದೇಶನಾಲಯದ ವ್ಯಾಪ್ತಿಯ ವಿವಿಧ ವಸತಿ ಶಾಲೆ/ಕಾಲೇಜುಗಳ ವಿದ್ಯಾರ್ಥಿಗಳಿಗೆ ಸಾಮಗ್ರಿ ಸರಬರಾಜು ಮಾಡಲು ಅರ್ಹ ಸರಬರಾಜುದಾರರಿಂದ GeM ಪೋರ್ಟಲ್ ಮೂಲಕ ಟೆಂಡರ್ ಆಹ್ವಾನಿಸಲಾಗಿದೆ.
1.	ಟೆಂಡರ್ ಪ್ರಕಟಣೆಯ ದಿನಾಂಕ	03.09.2025
2.	ಟೆಂಡರ್ ಶುಲ್ಕ	ರೂ.250.00 ಲಕ್ಷಗಳು
3.	ಇಎಂಡಿ ಮೊತ್ತ	ರೂ.3,75,000/-
4.	ಟೆಂಡರ್ ಪೂರ್ವಭಾವಿ ಸಭೆ	09.09.2025 ರಂದು 11:30 ಗಂಟೆಗೆ
5.	ಟೆಂಡರ್ ಸಲ್ಲಿಸಲು ಕೊನೆಯ ದಿನಾಂಕ	18.09.2025 5:30 ಗಂಟೆವರೆಗೆ
6.	ತಾಂತ್ರಿಕ ಬಿಡ್ ತೆರೆಯುವ ದಿನಾಂಕ	20.09.2025 11:30 ಗಂಟೆಗೆ
7.	ಆರ್ಥಿಕ ಬಿಡ್ ತೆರೆಯುವ ದಿನಾಂಕ	23.09.2025 11:30 ಗಂಟೆಗೆ
8.	ಟೆಂಡರ್ ಸಲ್ಲಿಸುವ ವಿಳಾಸ	ಮೌಲಾನಾ ಆಜಾದ್ ಭವನ, ನಂ.16, ವಸಂತನಗರ, ಬೆಂಗಳೂರು-560052
9.	ಹೆಚ್ಚಿನ ಮಾಹಿತಿಗೆ ದೂರವಾಣಿ ಸಂಖ್ಯೆ	080-22535902/ 080-22535918.
https://dom.karnataka.gov.in
ಸಹಿ/- ನಿರ್ದೇಶಕರು, ಅಲ್ಪಸಂಖ್ಯಾತರ ನಿರ್ದೇಶನಾಲಯ, ಬೆಂಗಳೂರು
Hosadigantha kannada daily Printed & Published by P.S. Prakash on behalf of Jnanabharathi Prakashana Limited. Printed at Digantha Mudrana, New Thirthahalli Road, Shivamogga - 577201
and Published at 'Madhura Nilaya', 4th Cross, Durgigudi, Park Extension, Shivamogga 577202. Ph: (08182) 401752, 8861209076. Editor : P.S. Prakash, Group Editor : Vinayak S. Bhat.
